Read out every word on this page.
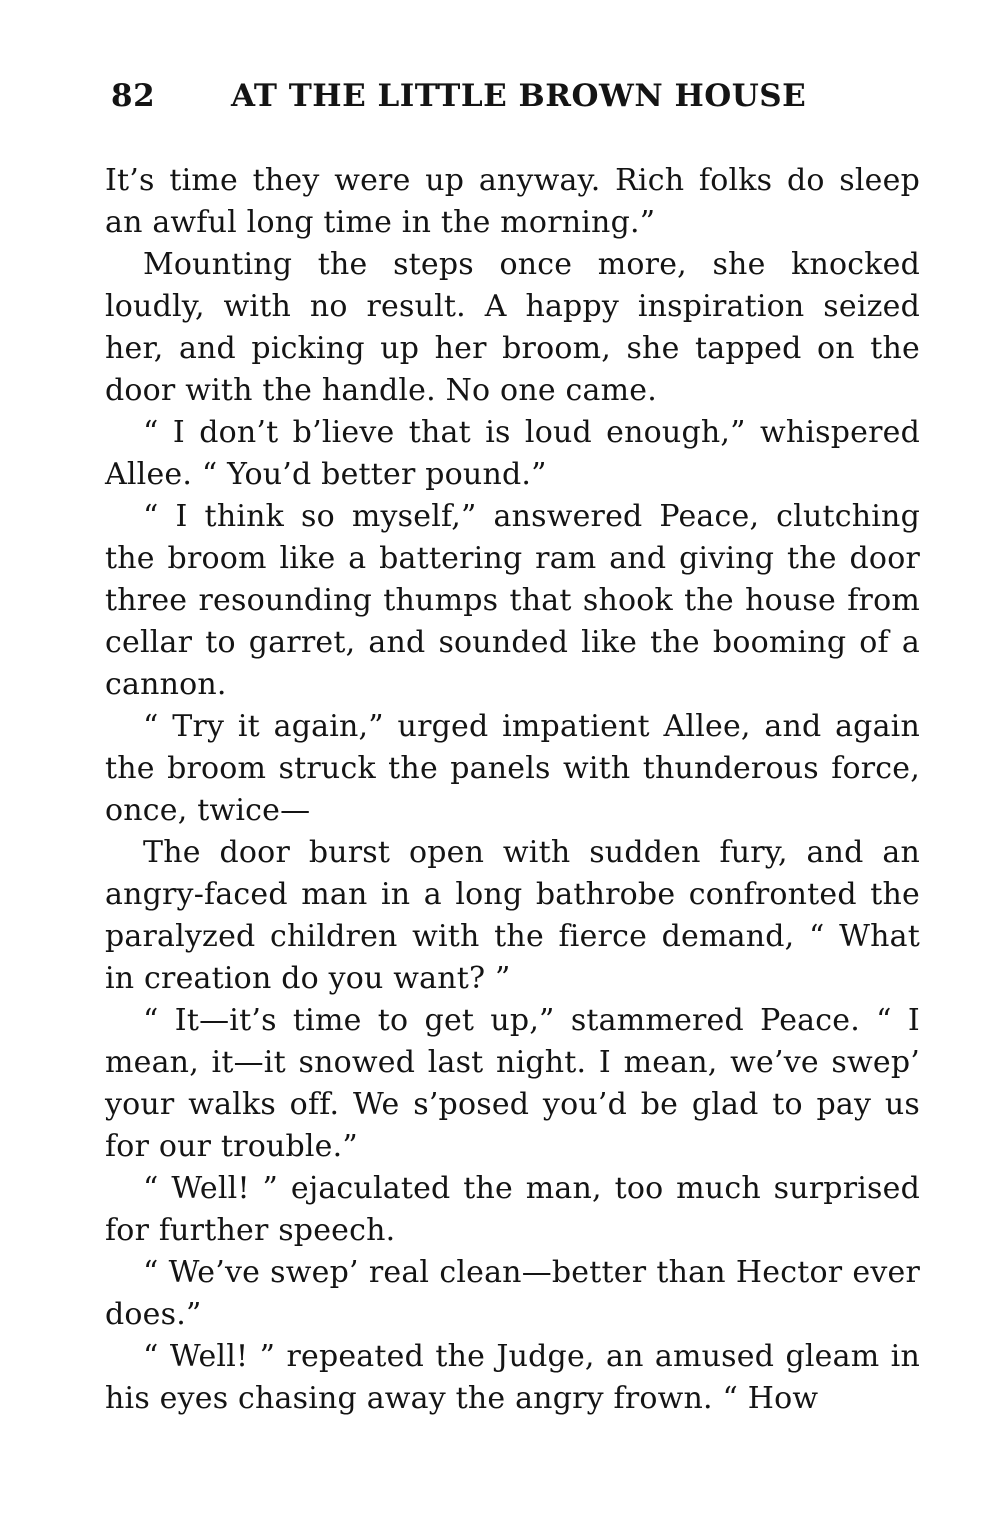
82	AT THE LITTLE BROWN HOUSE

It’s time they were up anyway. Rich folks do sleep an awful long time in the morning.”

Mounting the steps once more, she knocked loudly, with no result. A happy inspiration seized her, and picking up her broom, she tapped on the door with the handle. No one came.

“ I don’t b’lieve that is loud enough,” whispered Allee. “ You’d better pound.”

“ I think so myself,” answered Peace, clutching the broom like a battering ram and giving the door three resounding thumps that shook the house from cellar to garret, and sounded like the booming of a cannon.

“ Try it again,” urged impatient Allee, and again the broom struck the panels with thunderous force, once, twice—

The door burst open with sudden fury, and an angry-faced man in a long bathrobe confronted the paralyzed children with the fierce demand, “ What in creation do you want? ”

“ It—it’s time to get up,” stammered Peace. “ I mean, it—it snowed last night. I mean, we’ve swep’ your walks off. We s’posed you’d be glad to pay us for our trouble.”

“ Well! ” ejaculated the man, too much surprised for further speech.

“ We’ve swep’ real clean—better than Hector ever does.”

“ Well! ” repeated the Judge, an amused gleam in his eyes chasing away the angry frown. “ How
